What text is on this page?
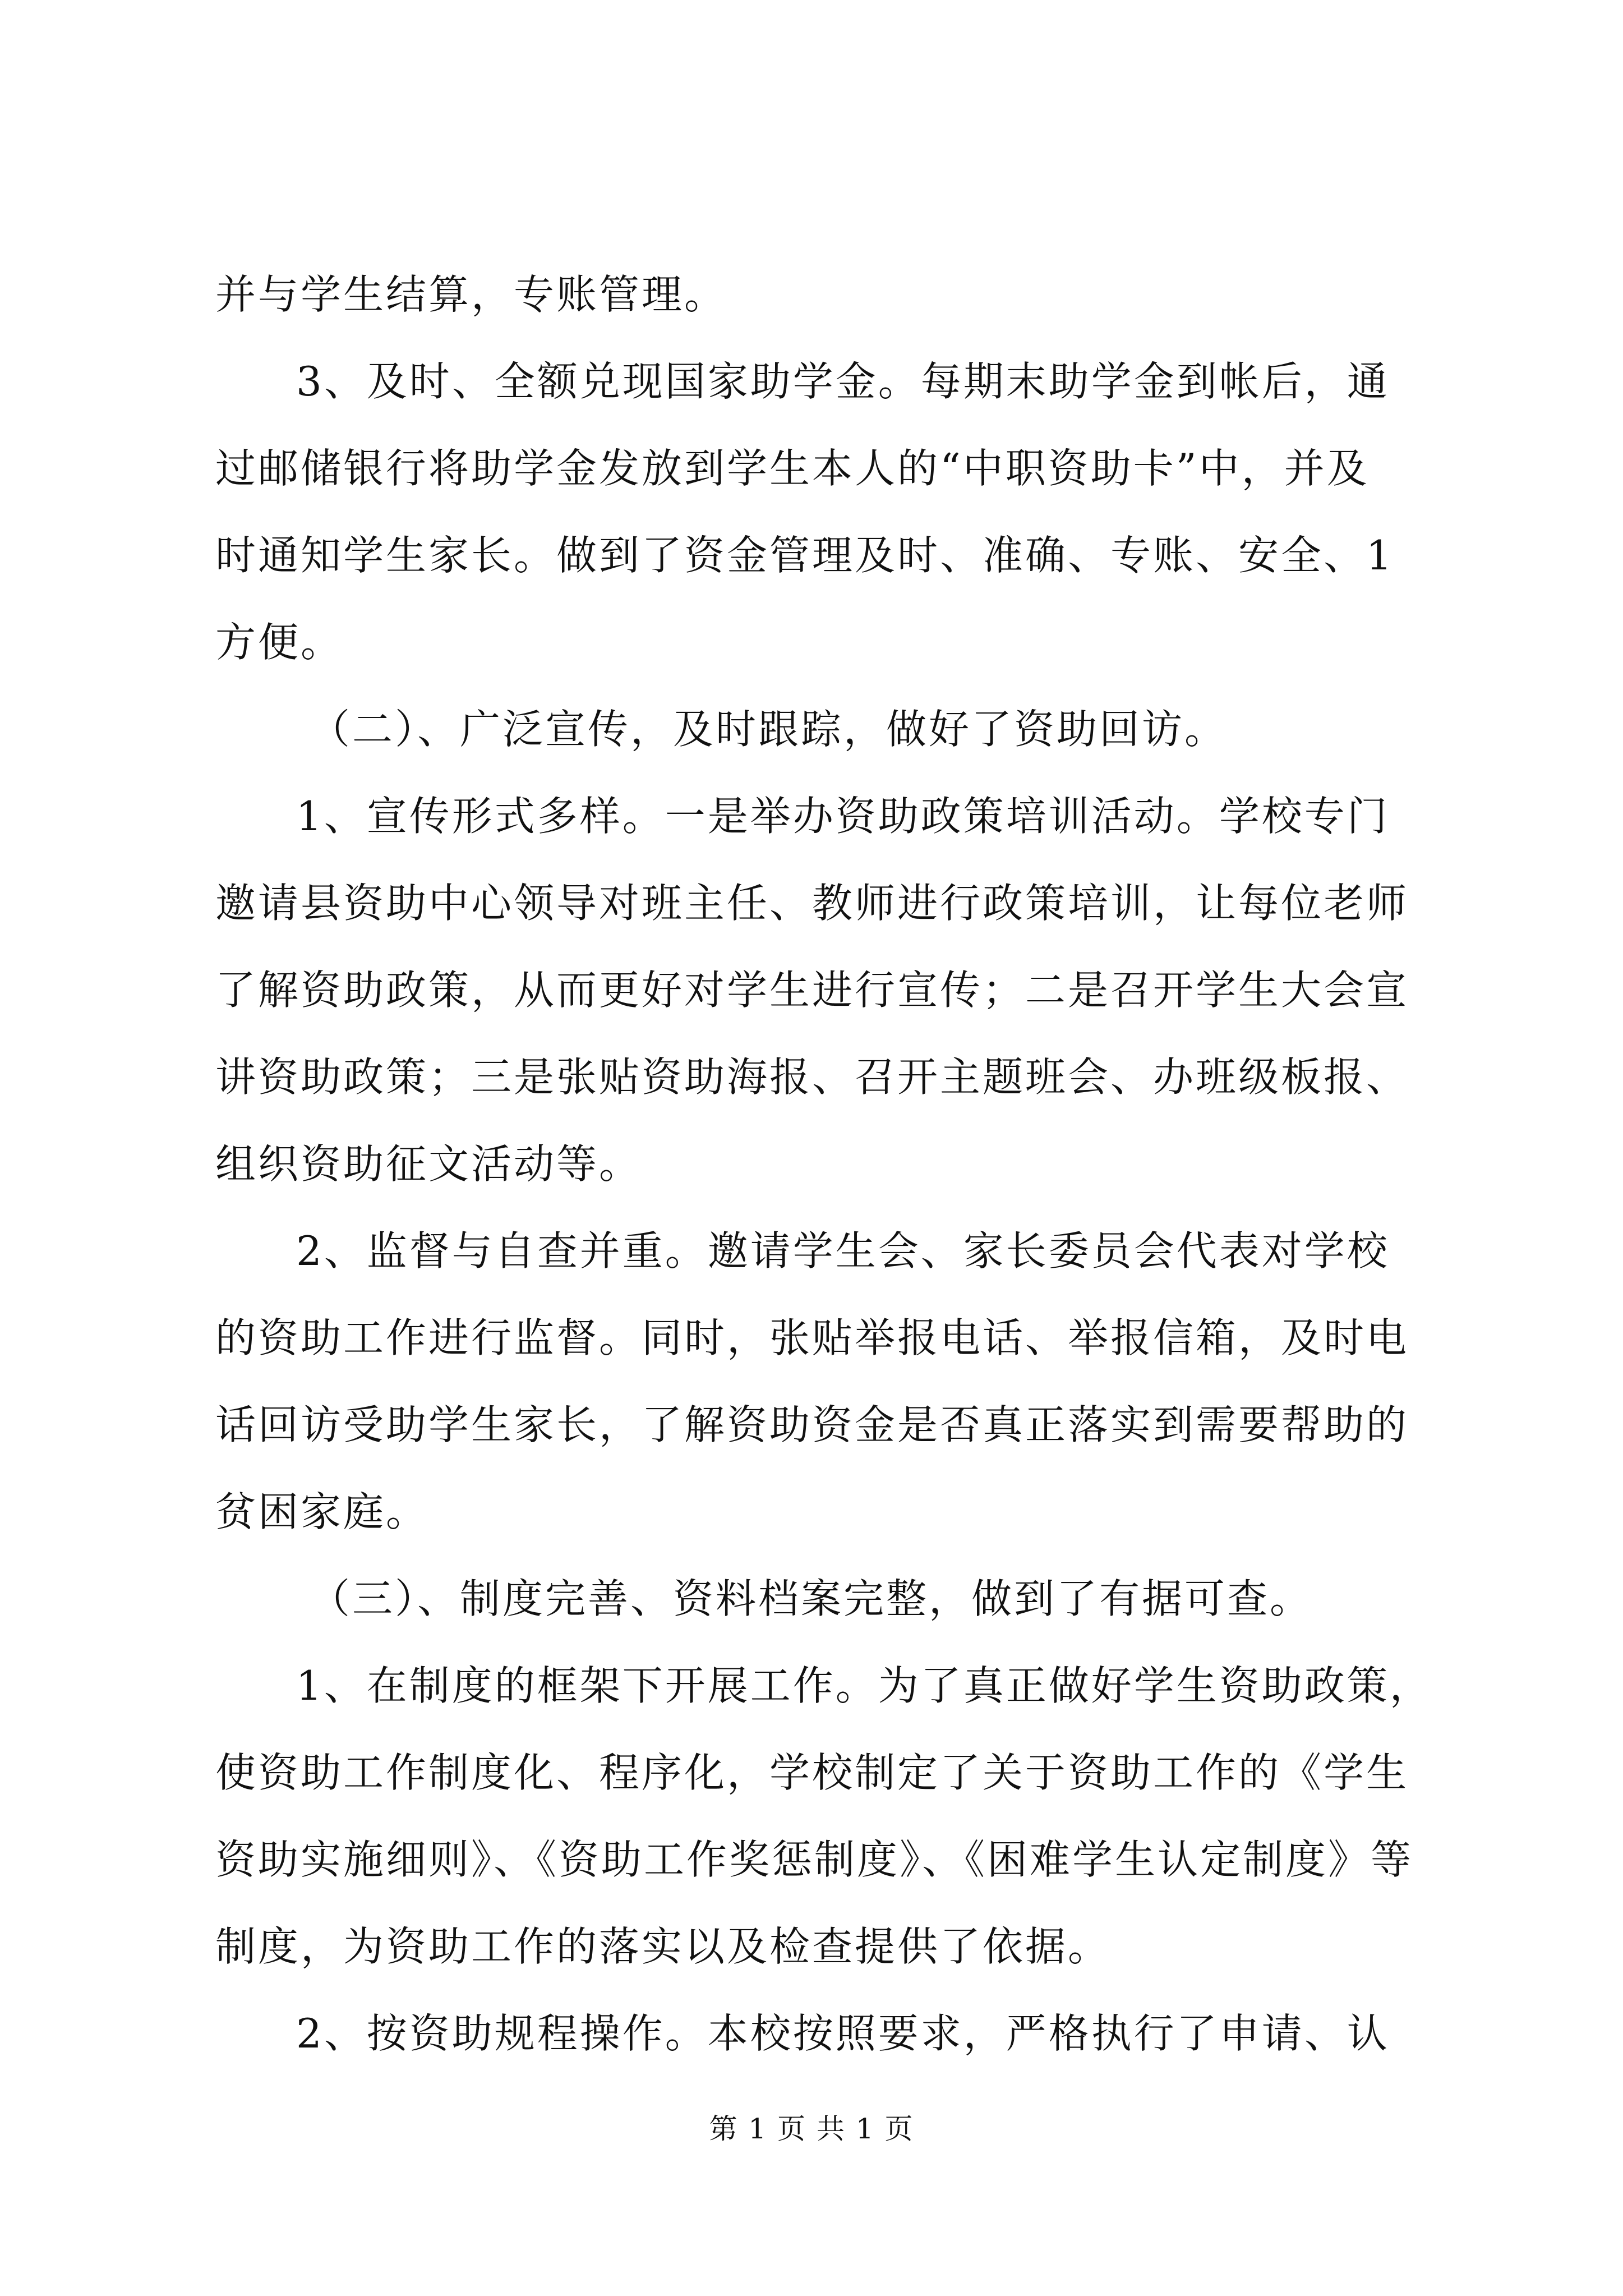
并与学生结算，专账管理。
3、及时、全额兑现国家助学金。每期末助学金到帐后，通
过邮储银行将助学金发放到学生本人的“中职资助卡”中，并及
时通知学生家长。做到了资金管理及时、准确、专账、安全、1
方便。
（二）、广泛宣传，及时跟踪，做好了资助回访。
1、宣传形式多样。一是举办资助政策培训活动。学校专门
邀请县资助中心领导对班主任、教师进行政策培训，让每位老师
了解资助政策，从而更好对学生进行宣传；二是召开学生大会宣
讲资助政策；三是张贴资助海报、召开主题班会、办班级板报、
组织资助征文活动等。
2、监督与自查并重。邀请学生会、家长委员会代表对学校
的资助工作进行监督。同时，张贴举报电话、举报信箱，及时电
话回访受助学生家长，了解资助资金是否真正落实到需要帮助的
贫困家庭。
（三）、制度完善、资料档案完整，做到了有据可查。
1、在制度的框架下开展工作。为了真正做好学生资助政策，
使资助工作制度化、程序化，学校制定了关于资助工作的《学生
资助实施细则》、《资助工作奖惩制度》、《困难学生认定制度》等
制度，为资助工作的落实以及检查提供了依据。
2、按资助规程操作。本校按照要求，严格执行了申请、认
第 1 页 共 1 页
